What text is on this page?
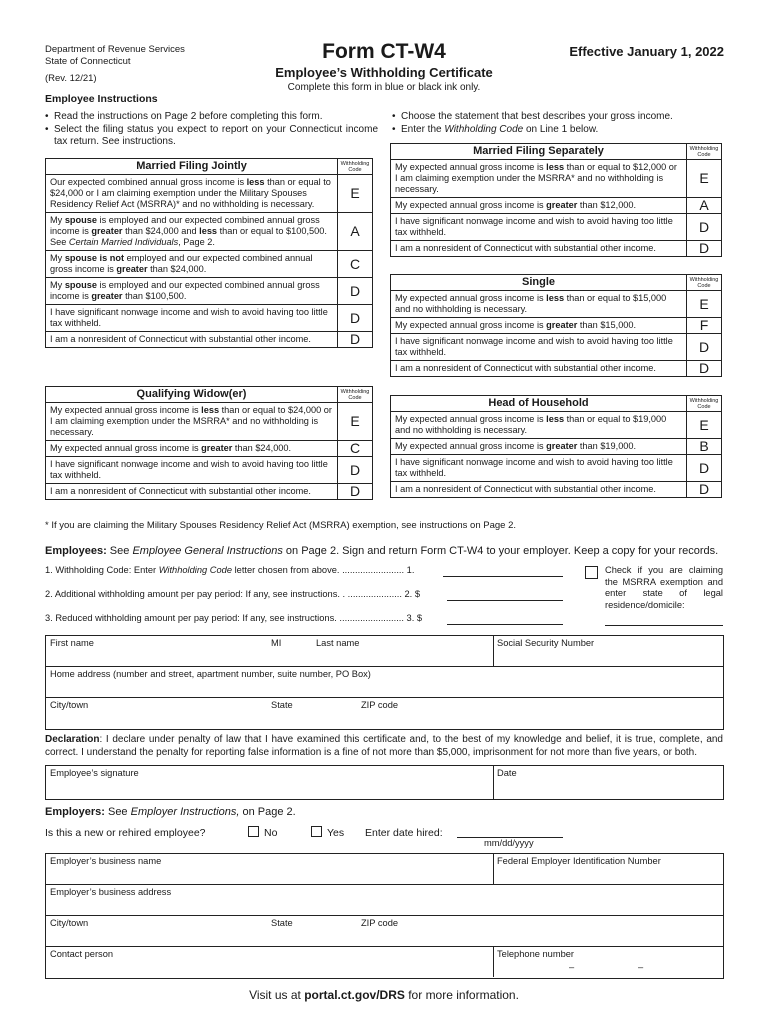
Department of Revenue Services
State of Connecticut
(Rev. 12/21)
Form CT-W4
Employee’s Withholding Certificate
Complete this form in blue or black ink only.
Effective January 1, 2022
Employee Instructions
• Read the instructions on Page 2 before completing this form.
• Select the filing status you expect to report on your Connecticut income tax return. See instructions.
• Choose the statement that best describes your gross income.
• Enter the Withholding Code on Line 1 below.
Married Filing Jointly	Withholding Code
Our expected combined annual gross income is less than or equal to $24,000 or I am claiming exemption under the Military Spouses Residency Relief Act (MSRRA)* and no withholding is necessary.	E
My spouse is employed and our expected combined annual gross income is greater than $24,000 and less than or equal to $100,500. See Certain Married Individuals, Page 2.	A
My spouse is not employed and our expected combined annual gross income is greater than $24,000.	C
My spouse is employed and our expected combined annual gross income is greater than $100,500.	D
I have significant nonwage income and wish to avoid having too little tax withheld.	D
I am a nonresident of Connecticut with substantial other income.	D
Qualifying Widow(er)	Withholding Code
My expected annual gross income is less than or equal to $24,000 or I am claiming exemption under the MSRRA* and no withholding is necessary.	E
My expected annual gross income is greater than $24,000.	C
I have significant nonwage income and wish to avoid having too little tax withheld.	D
I am a nonresident of Connecticut with substantial other income.	D
Married Filing Separately	Withholding Code
My expected annual gross income is less than or equal to $12,000 or I am claiming exemption under the MSRRA* and no withholding is necessary.	E
My expected annual gross income is greater than $12,000.	A
I have significant nonwage income and wish to avoid having too little tax withheld.	D
I am a nonresident of Connecticut with substantial other income.	D
Single	Withholding Code
My expected annual gross income is less than or equal to $15,000 and no withholding is necessary.	E
My expected annual gross income is greater than $15,000.	F
I have significant nonwage income and wish to avoid having too little tax withheld.	D
I am a nonresident of Connecticut with substantial other income.	D
Head of Household	Withholding Code
My expected annual gross income is less than or equal to $19,000 and no withholding is necessary.	E
My expected annual gross income is greater than $19,000.	B
I have significant nonwage income and wish to avoid having too little tax withheld.	D
I am a nonresident of Connecticut with substantial other income.	D
* If you are claiming the Military Spouses Residency Relief Act (MSRRA) exemption, see instructions on Page 2.
Employees: See Employee General Instructions on Page 2. Sign and return Form CT-W4 to your employer. Keep a copy for your records.
1. Withholding Code: Enter Withholding Code letter chosen from above. ........................ 1.
2. Additional withholding amount per pay period: If any, see instructions. . ..................... 2. $
3. Reduced withholding amount per pay period: If any, see instructions. ......................... 3. $
Check if you are claiming the MSRRA exemption and enter state of legal residence/domicile:
First name	MI	Last name	Social Security Number
Home address (number and street, apartment number, suite number, PO Box)
City/town	State	ZIP code
Declaration: I declare under penalty of law that I have examined this certificate and, to the best of my knowledge and belief, it is true, complete, and correct. I understand the penalty for reporting false information is a fine of not more than $5,000, imprisonment for not more than five years, or both.
Employee’s signature	Date
Employers: See Employer Instructions, on Page 2.
Is this a new or rehired employee?	No	Yes Enter date hired:
mm/dd/yyyy
Employer’s business name	Federal Employer Identification Number
Employer’s business address
City/town	State	ZIP code
Contact person	Telephone number
–	–
Visit us at portal.ct.gov/DRS for more information.
